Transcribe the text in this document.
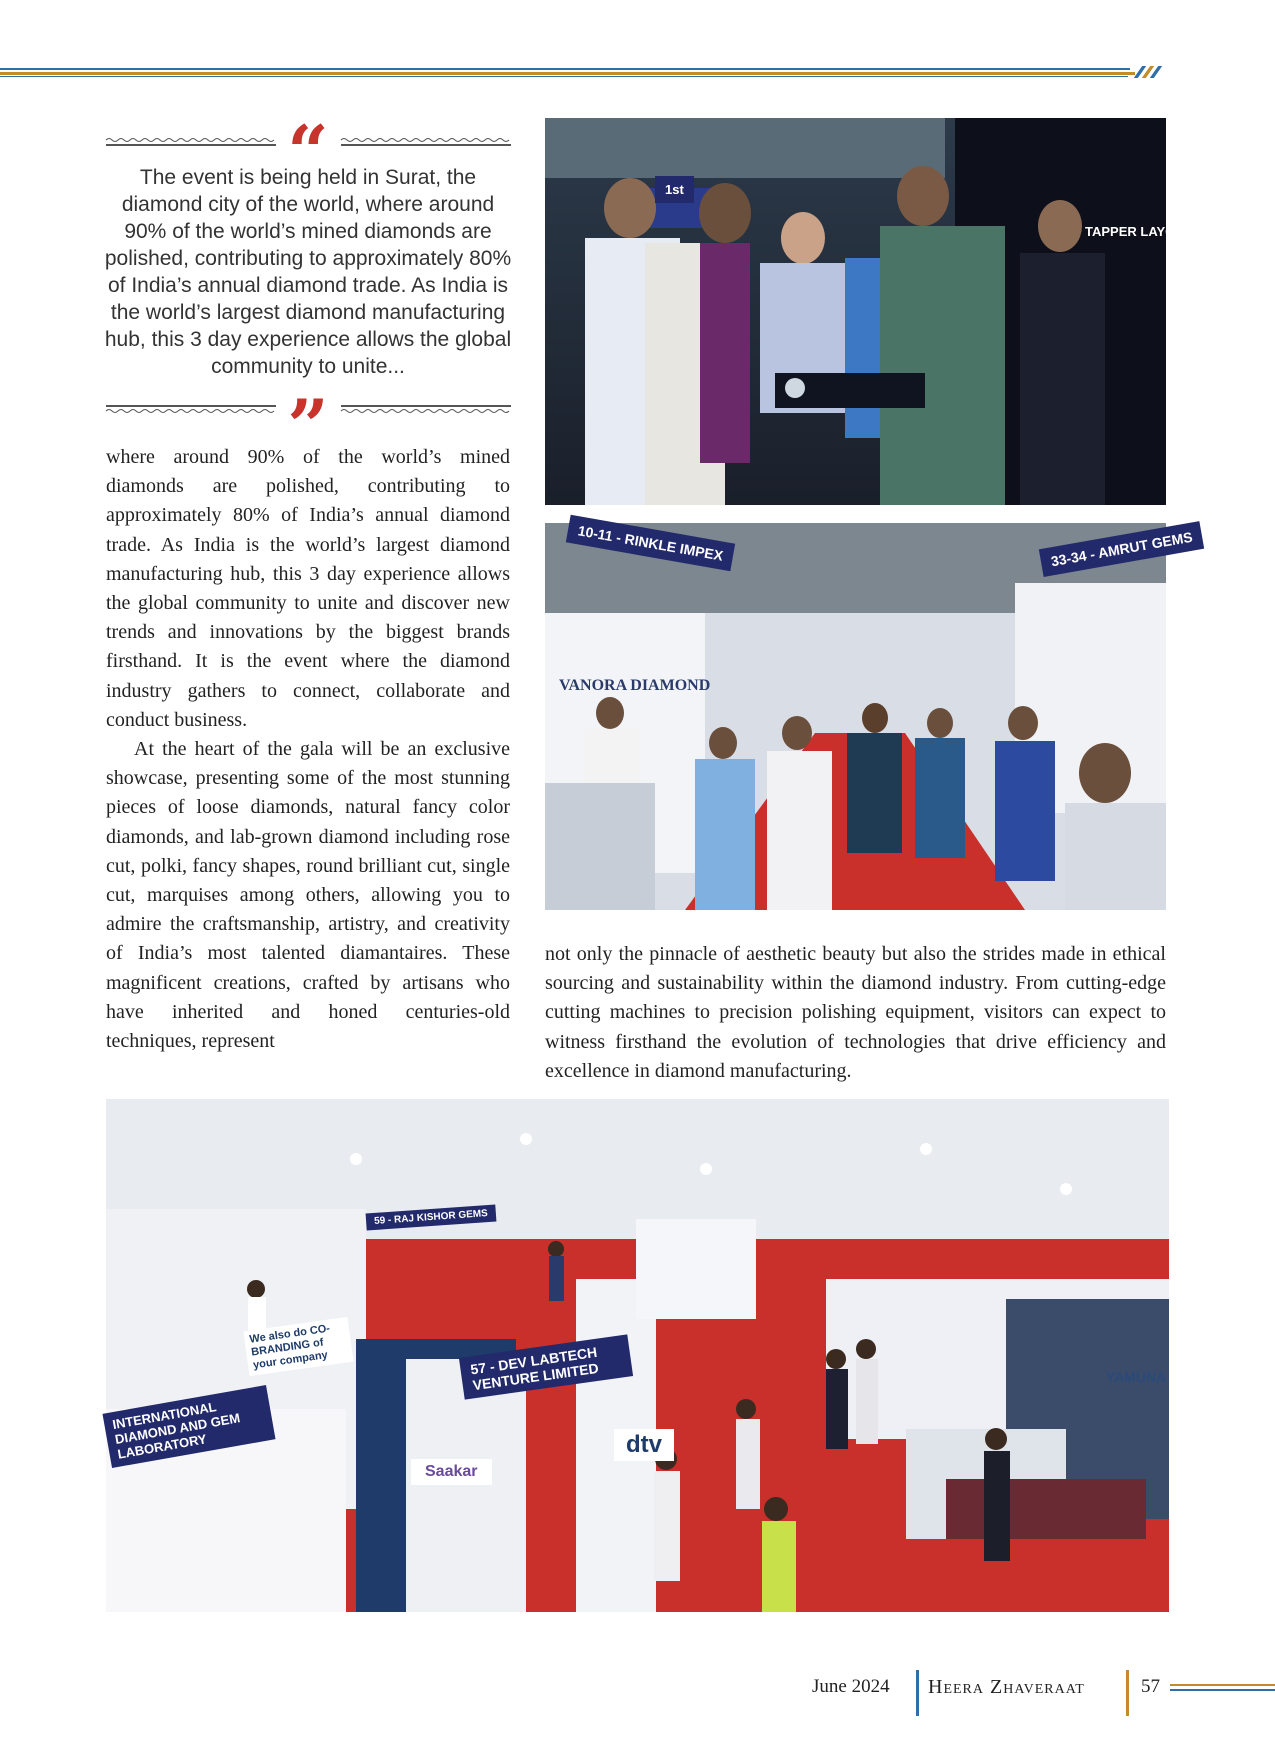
“
The event is being held in Surat, the diamond city of the world, where around 90% of the world’s mined diamonds are polished, contributing to approximately 80% of India’s annual diamond trade. As India is the world’s largest diamond manufacturing hub, this 3 day experience allows the global community to unite...
”

where around 90% of the world’s mined diamonds are polished, contributing to approximately 80% of India’s annual diamond trade. As India is the world’s largest diamond manufacturing hub, this 3 day experience allows the global community to unite and discover new trends and innovations by the biggest brands firsthand. It is the event where the diamond industry gathers to connect, collaborate and conduct business.

At the heart of the gala will be an exclusive showcase, presenting some of the most stunning pieces of loose diamonds, natural fancy color diamonds, and lab-grown diamond including rose cut, polki, fancy shapes, round brilliant cut, single cut, marquises among others, allowing you to admire the craftsmanship, artistry, and creativity of India’s most talented diamantaires. These magnificent creations, crafted by artisans who have inherited and honed centuries-old techniques, represent

not only the pinnacle of aesthetic beauty but also the strides made in ethical sourcing and sustainability within the diamond industry. From cutting-edge cutting machines to precision polishing equipment, visitors can expect to witness firsthand the evolution of technologies that drive efficiency and excellence in diamond manufacturing.

1st
TAPPER LAYO
10-11 - RINKLE IMPEX	33-34 - AMRUT GEMS
VANORA DIAMOND
57 - DEV LABTECH VENTURE LIMITED
INTERNATIONAL DIAMOND AND GEM LABORATORY
We also do CO-BRANDING of your company
dtv
Saakar
YAMUNA
59 - RAJ KISHOR GEMS
June 2024 Heera Zhaveraat	57
